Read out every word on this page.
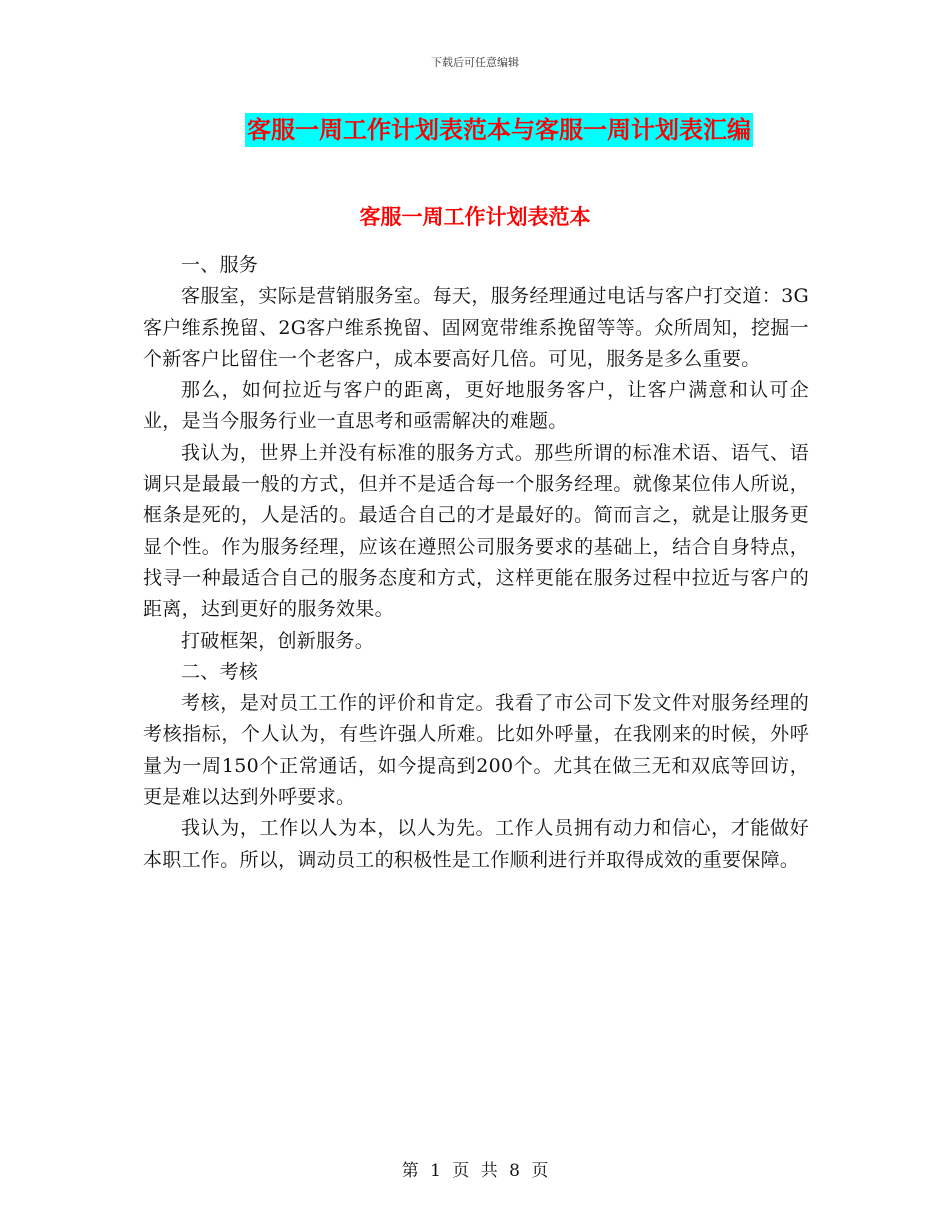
下载后可任意编辑
客服一周工作计划表范本与客服一周计划表汇编
客服一周工作计划表范本

一、服务

客服室，实际是营销服务室。每天，服务经理通过电话与客户打交道：3G客户维系挽留、2G客户维系挽留、固网宽带维系挽留等等。众所周知，挖掘一个新客户比留住一个老客户，成本要高好几倍。可见，服务是多么重要。

那么，如何拉近与客户的距离，更好地服务客户，让客户满意和认可企业，是当今服务行业一直思考和亟需解决的难题。

我认为，世界上并没有标准的服务方式。那些所谓的标准术语、语气、语调只是最最一般的方式，但并不是适合每一个服务经理。就像某位伟人所说，框条是死的，人是活的。最适合自己的才是最好的。简而言之，就是让服务更显个性。作为服务经理，应该在遵照公司服务要求的基础上，结合自身特点，找寻一种最适合自己的服务态度和方式，这样更能在服务过程中拉近与客户的距离，达到更好的服务效果。

打破框架，创新服务。

二、考核

考核，是对员工工作的评价和肯定。我看了市公司下发文件对服务经理的考核指标，个人认为，有些许强人所难。比如外呼量，在我刚来的时候，外呼量为一周150个正常通话，如今提高到200个。尤其在做三无和双底等回访，更是难以达到外呼要求。

我认为，工作以人为本，以人为先。工作人员拥有动力和信心，才能做好本职工作。所以，调动员工的积极性是工作顺利进行并取得成效的重要保障。

第 1 页 共 8 页
